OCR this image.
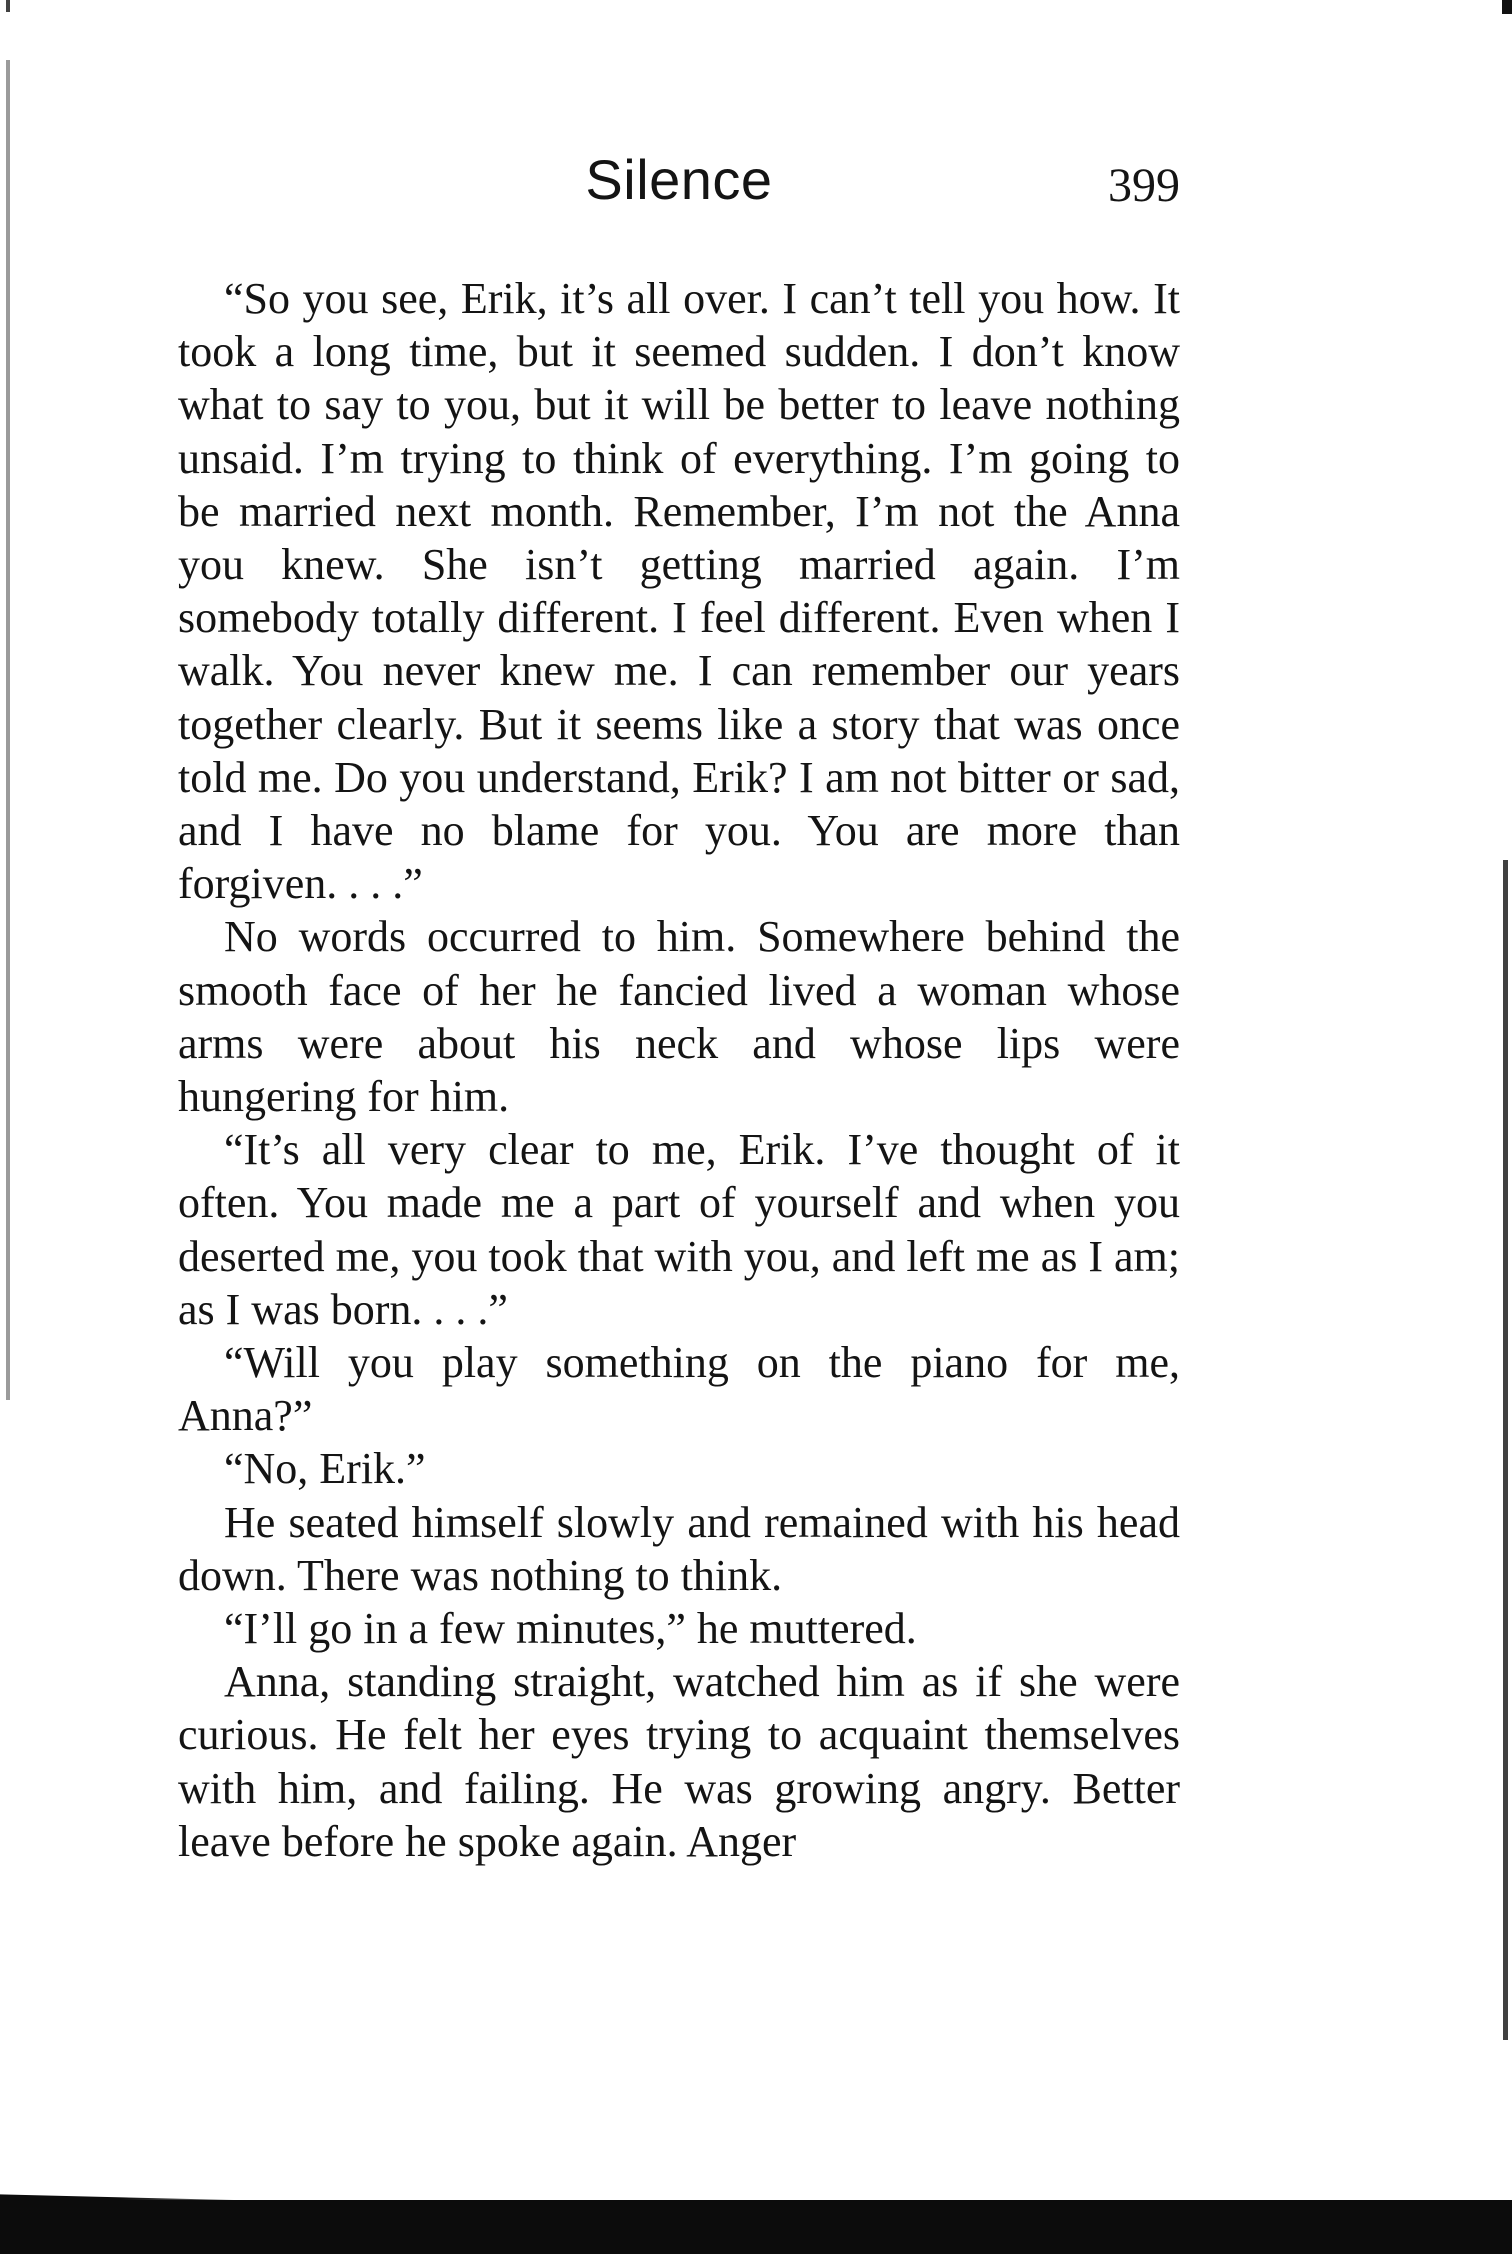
Silence	399

“So you see, Erik, it’s all over. I can’t tell you how. It took a long time, but it seemed sudden. I don’t know what to say to you, but it will be better to leave nothing unsaid. I’m trying to think of everything. I’m going to be married next month. Remember, I’m not the Anna you knew. She isn’t getting married again. I’m somebody totally different. I feel different. Even when I walk. You never knew me. I can remember our years together clearly. But it seems like a story that was once told me. Do you understand, Erik? I am not bitter or sad, and I have no blame for you. You are more than forgiven. . . .”

No words occurred to him. Somewhere behind the smooth face of her he fancied lived a woman whose arms were about his neck and whose lips were hungering for him.

“It’s all very clear to me, Erik. I’ve thought of it often. You made me a part of yourself and when you deserted me, you took that with you, and left me as I am; as I was born. . . .”

“Will you play something on the piano for me, Anna?”

“No, Erik.”

He seated himself slowly and remained with his head down. There was nothing to think.

“I’ll go in a few minutes,” he muttered.

Anna, standing straight, watched him as if she were curious. He felt her eyes trying to acquaint themselves with him, and failing. He was growing angry. Better leave before he spoke again. Anger
